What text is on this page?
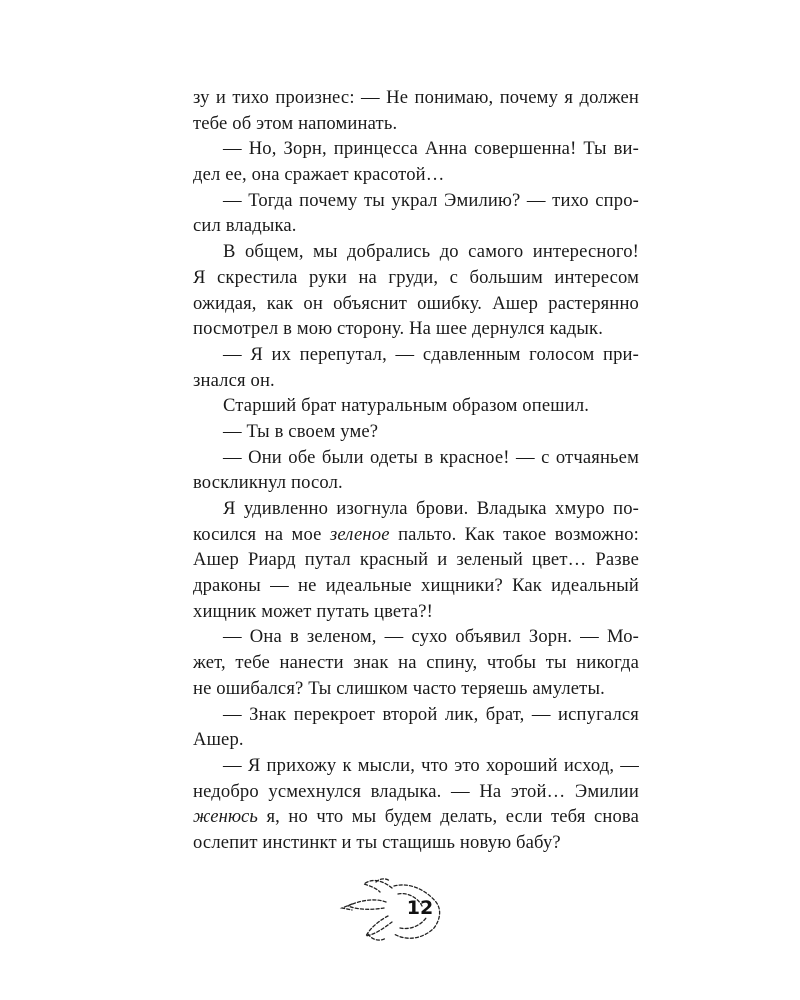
зу и тихо произнес: — Не понимаю, почему я должен
тебе об этом напоминать.
— Но, Зорн, принцесса Анна совершенна! Ты ви-
дел ее, она сражает красотой…
— Тогда почему ты украл Эмилию? — тихо спро-
сил владыка.
В общем, мы добрались до самого интересного!
Я скрестила руки на груди, с большим интересом
ожидая, как он объяснит ошибку. Ашер растерянно
посмотрел в мою сторону. На шее дернулся кадык.
— Я их перепутал, — сдавленным голосом при-
знался он.
Старший брат натуральным образом опешил.
— Ты в своем уме?
— Они обе были одеты в красное! — с отчаяньем
воскликнул посол.
Я удивленно изогнула брови. Владыка хмуро по-
косился на мое зеленое пальто. Как такое возможно:
Ашер Риард путал красный и зеленый цвет… Разве
драконы — не идеальные хищники? Как идеальный
хищник может путать цвета?!
— Она в зеленом, — сухо объявил Зорн. — Мо-
жет, тебе нанести знак на спину, чтобы ты никогда
не ошибался? Ты слишком часто теряешь амулеты.
— Знак перекроет второй лик, брат, — испугался
Ашер.
— Я прихожу к мысли, что это хороший исход, —
недобро усмехнулся владыка. — На этой… Эмилии
женюсь я, но что мы будем делать, если тебя снова
ослепит инстинкт и ты стащишь новую бабу?
12
